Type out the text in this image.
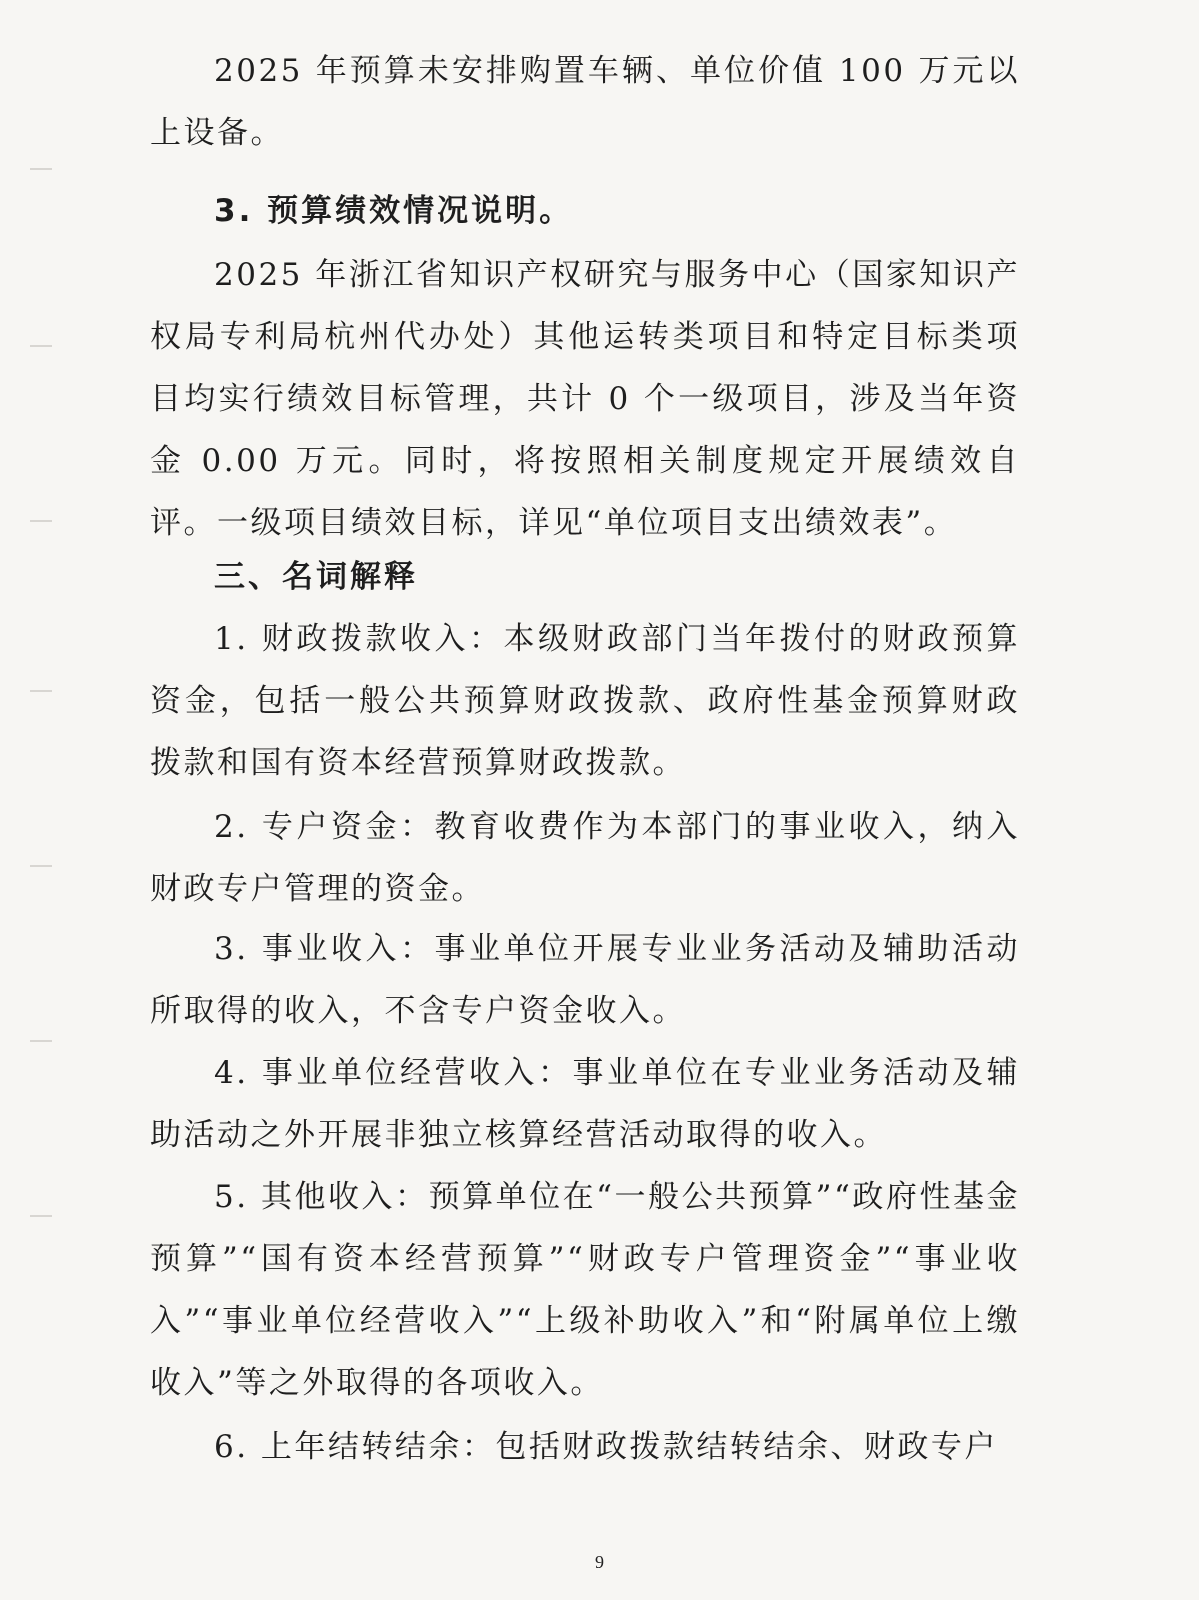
2025 年预算未安排购置车辆、单位价值 100 万元以上设备。

3. 预算绩效情况说明。

2025 年浙江省知识产权研究与服务中心（国家知识产权局专利局杭州代办处）其他运转类项目和特定目标类项目均实行绩效目标管理，共计 0 个一级项目，涉及当年资金 0.00 万元。同时，将按照相关制度规定开展绩效自评。一级项目绩效目标，详见“单位项目支出绩效表”。

三、名词解释

1. 财政拨款收入：本级财政部门当年拨付的财政预算资金，包括一般公共预算财政拨款、政府性基金预算财政拨款和国有资本经营预算财政拨款。

2. 专户资金：教育收费作为本部门的事业收入，纳入财政专户管理的资金。

3. 事业收入：事业单位开展专业业务活动及辅助活动所取得的收入，不含专户资金收入。

4. 事业单位经营收入：事业单位在专业业务活动及辅助活动之外开展非独立核算经营活动取得的收入。

5. 其他收入：预算单位在“一般公共预算”“政府性基金预算”“国有资本经营预算”“财政专户管理资金”“事业收入”“事业单位经营收入”“上级补助收入”和“附属单位上缴收入”等之外取得的各项收入。

6. 上年结转结余：包括财政拨款结转结余、财政专户

9
